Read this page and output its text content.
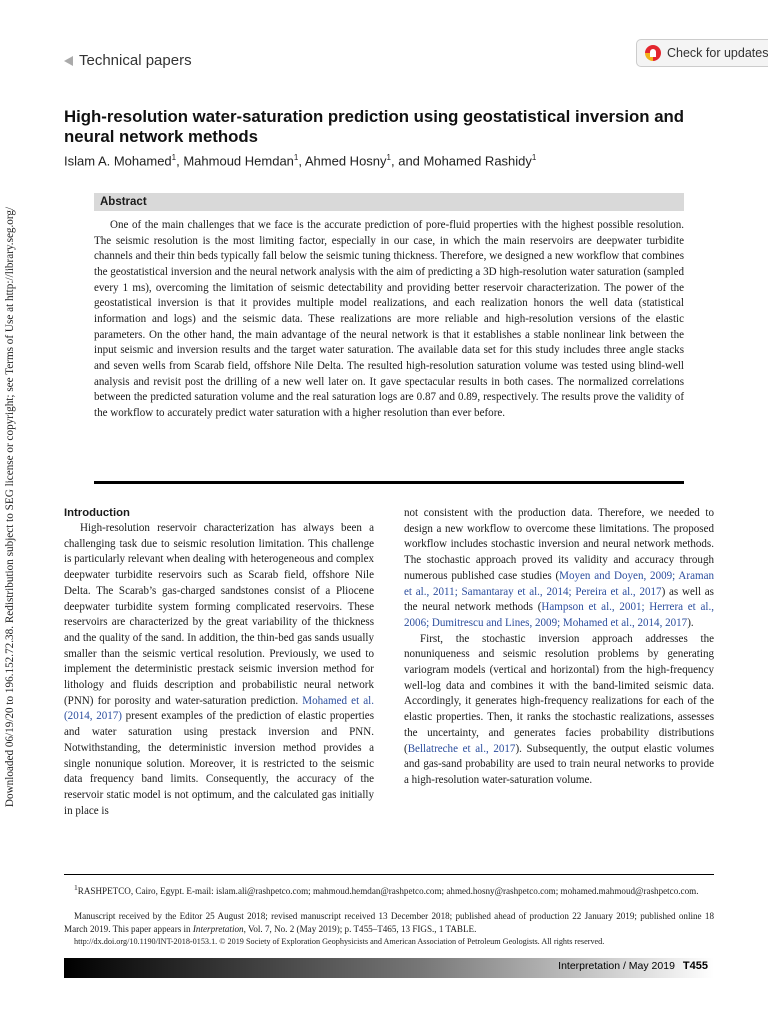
Downloaded 06/19/20 to 196.152.72.38. Redistribution subject to SEG license or copyright; see Terms of Use at http://library.seg.org/
Technical papers	Check for updates
High-resolution water-saturation prediction using geostatistical inversion and neural network methods
Islam A. Mohamed$^1$, Mahmoud Hemdan$^1$, Ahmed Hosny$^1$, and Mohamed Rashidy$^1$
Abstract
One of the main challenges that we face is the accurate prediction of pore-fluid properties with the highest possible resolution. The seismic resolution is the most limiting factor, especially in our case, in which the main reservoirs are deepwater turbidite channels and their thin beds typically fall below the seismic tuning thickness. Therefore, we designed a new workflow that combines the geostatistical inversion and the neural network analysis with the aim of predicting a 3D high-resolution water saturation (sampled every 1 ms), overcoming the limitation of seismic detectability and providing better reservoir characterization. The power of the geostatistical inversion is that it provides multiple model realizations, and each realization honors the well data (statistical information and logs) and the seismic data. These realizations are more reliable and high-resolution versions of the elastic parameters. On the other hand, the main advantage of the neural network is that it establishes a stable nonlinear link between the input seismic and inversion results and the target water saturation. The available data set for this study includes three angle stacks and seven wells from Scarab field, offshore Nile Delta. The resulted high-resolution saturation volume was tested using blind-well analysis and revisit post the drilling of a new well later on. It gave spectacular results in both cases. The normalized correlations between the predicted saturation volume and the real saturation logs are 0.87 and 0.89, respectively. The results prove the validity of the workflow to accurately predict water saturation with a higher resolution than ever before.
Introduction

High-resolution reservoir characterization has always been a challenging task due to seismic resolution limitation. This challenge is particularly relevant when dealing with heterogeneous and complex deepwater turbidite reservoirs such as Scarab field, offshore Nile Delta. The Scarab’s gas-charged sandstones consist of a Pliocene deepwater turbidite system forming complicated reservoirs. These reservoirs are characterized by the great variability of the thickness and the quality of the sand. In addition, the thin-bed gas sands usually smaller than the seismic vertical resolution. Previously, we used to implement the deterministic prestack seismic inversion method for lithology and fluids description and probabilistic neural network (PNN) for porosity and water-saturation prediction. Mohamed et al. (2014, 2017) present examples of the prediction of elastic properties and water saturation using prestack inversion and PNN. Notwithstanding, the deterministic inversion method provides a single nonunique solution. Moreover, it is restricted to the seismic data frequency band limits. Consequently, the accuracy of the reservoir static model is not optimum, and the calculated gas initially in place is

not consistent with the production data. Therefore, we needed to design a new workflow to overcome these limitations. The proposed workflow includes stochastic inversion and neural network methods. The stochastic approach proved its validity and accuracy through numerous published case studies (Moyen and Doyen, 2009; Araman et al., 2011; Samantaray et al., 2014; Pereira et al., 2017) as well as the neural network methods (Hampson et al., 2001; Herrera et al., 2006; Dumitrescu and Lines, 2009; Mohamed et al., 2014, 2017).

First, the stochastic inversion approach addresses the nonuniqueness and seismic resolution problems by generating variogram models (vertical and horizontal) from the high-frequency well-log data and combines it with the band-limited seismic data. Accordingly, it generates high-frequency realizations for each of the elastic properties. Then, it ranks the stochastic realizations, assesses the uncertainty, and generates facies probability distributions (Bellatreche et al., 2017). Subsequently, the output elastic volumes and gas-sand probability are used to train neural networks to provide a high-resolution water-saturation volume.

$^1$RASHPETCO, Cairo, Egypt. E-mail: islam.ali@rashpetco.com; mahmoud.hemdan@rashpetco.com; ahmed.hosny@rashpetco.com; mohamed.mahmoud@rashpetco.com.
Manuscript received by the Editor 25 August 2018; revised manuscript received 13 December 2018; published ahead of production 22 January 2019; published online 18 March 2019. This paper appears in Interpretation, Vol. 7, No. 2 (May 2019); p. T455–T465, 13 FIGS., 1 TABLE.
http://dx.doi.org/10.1190/INT-2018-0153.1. © 2019 Society of Exploration Geophysicists and American Association of Petroleum Geologists. All rights reserved.
Interpretation / May 2019 T455
